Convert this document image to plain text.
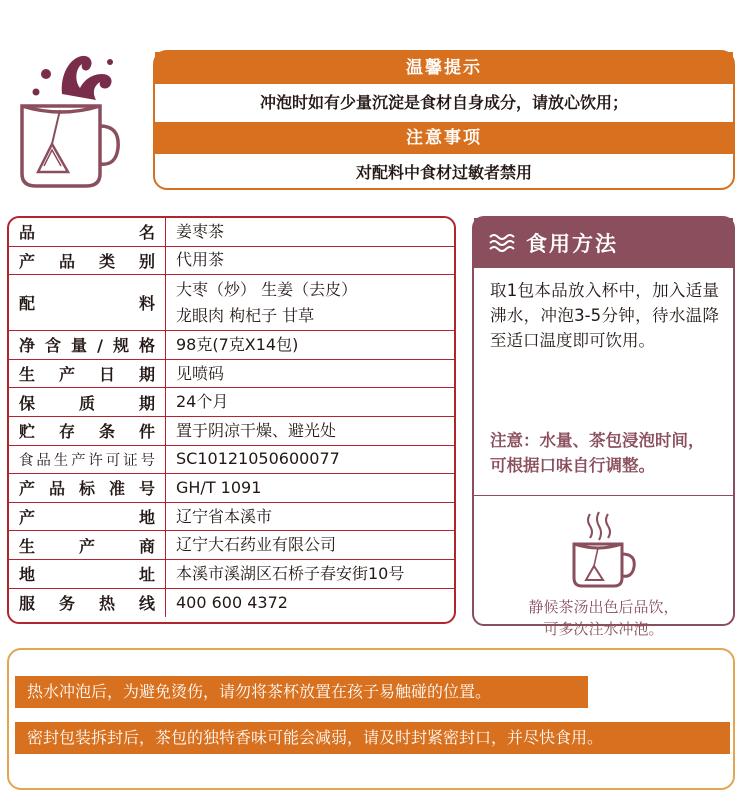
温馨提示
冲泡时如有少量沉淀是食材自身成分，请放心饮用；
注意事项
对配料中食材过敏者禁用
品名	姜枣茶
产品类别	代用茶
配料
大枣（炒） 生姜（去皮）
龙眼肉 枸杞子 甘草
净含量/规格	98克(7克X14包)
生产日期	见喷码
保质期	24个月
贮存条件	置于阴凉干燥、避光处
食品生产许可证号	SC10121050600077
产品标准号	GH/T 1091
产地	辽宁省本溪市
生产商	辽宁大石药业有限公司
地址	本溪市溪湖区石桥子春安街10号
服务热线	400 600 4372
食用方法
取1包本品放入杯中，加入适量沸水，冲泡3-5分钟，待水温降至适口温度即可饮用。
注意：水量、茶包浸泡时间，可根据口味自行调整。
静候茶汤出色后品饮，
可多次注水冲泡。
热水冲泡后，为避免烫伤，请勿将茶杯放置在孩子易触碰的位置。
密封包装拆封后，茶包的独特香味可能会减弱，请及时封紧密封口，并尽快食用。
